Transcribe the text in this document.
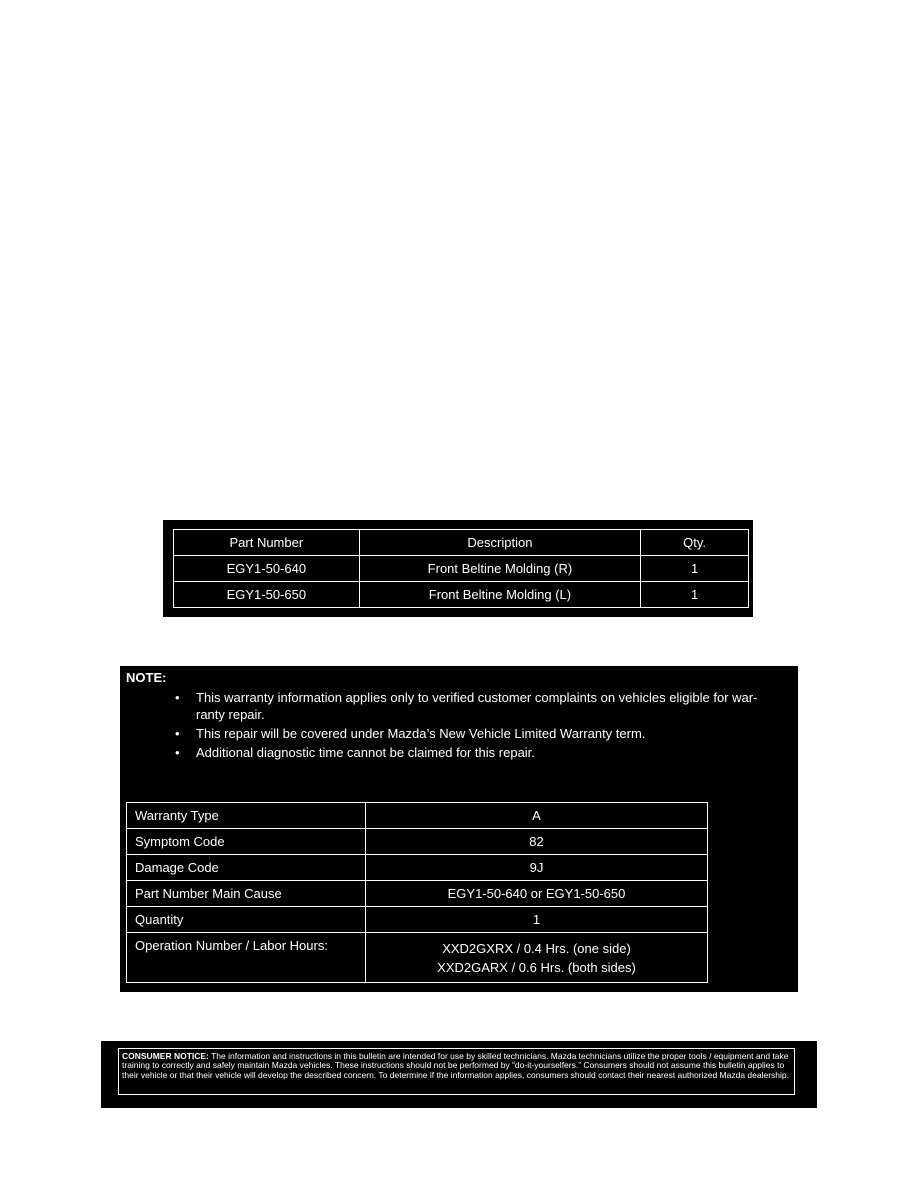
Part Number	Description	Qty.
EGY1-50-640	Front Beltine Molding (R)	1
EGY1-50-650	Front Beltine Molding (L)	1

NOTE:

• This warranty information applies only to verified customer complaints on vehicles eligible for war-ranty repair.
• This repair will be covered under Mazda’s New Vehicle Limited Warranty term.
• Additional diagnostic time cannot be claimed for this repair.
Warranty Type	A
Symptom Code	82
Damage Code	9J
Part Number Main Cause	EGY1-50-640 or EGY1-50-650
Quantity	1
Operation Number / Labor Hours:	XXD2GXRX / 0.4 Hrs. (one side)
XXD2GARX / 0.6 Hrs. (both sides)
CONSUMER NOTICE: The information and instructions in this bulletin are intended for use by skilled technicians. Mazda technicians utilize the proper tools / equipment and take training to correctly and safely maintain Mazda vehicles. These instructions should not be performed by “do-it-yourselfers.” Consumers should not assume this bulletin applies to their vehicle or that their vehicle will develop the described concern. To determine if the information applies, consumers should contact their nearest authorized Mazda dealership.
